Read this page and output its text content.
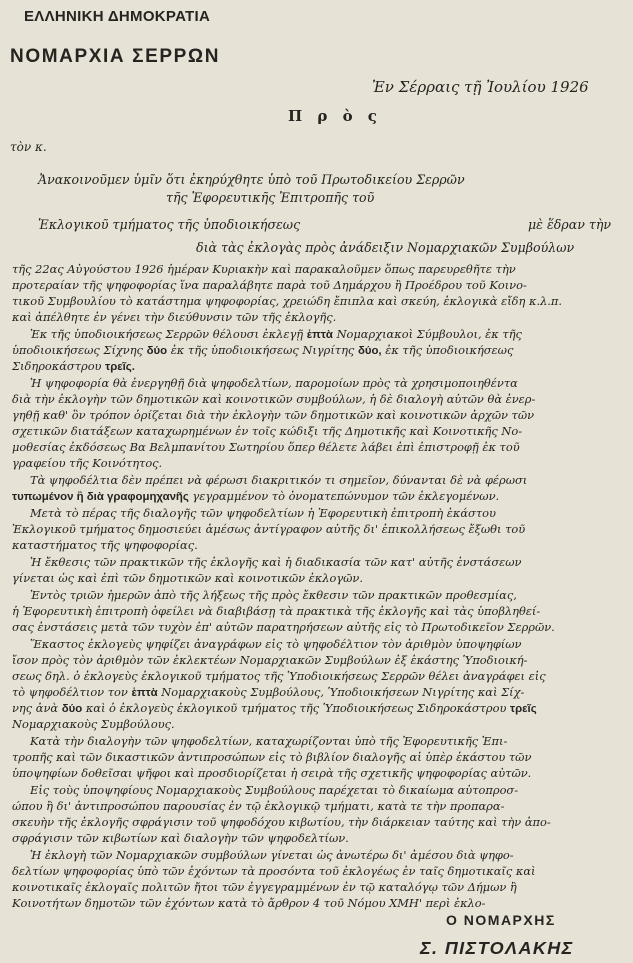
ΕΛΛΗΝΙΚΗ ΔΗΜΟΚΡΑΤΙΑ
ΝΟΜΑΡΧΙΑ ΣΕΡΡΩΝ
Ἐν Σέρραις τῇ Ἰουλίου 1926
Π ρ ὸ ς
τὸν κ.
Ἀνακοινοῦμεν ὑμῖν ὅτι ἐκηρύχθητε ὑπὸ τοῦ Πρωτοδικείου Σερρῶν
τῆς Ἐφορευτικῆς Ἐπιτροπῆς τοῦ
Ἐκλογικοῦ τμήματος τῆς ὑποδιοικήσεως	μὲ ἕδραν τὴν
διὰ τὰς ἐκλογὰς πρὸς ἀνάδειξιν Νομαρχιακῶν Συμβούλων
τῆς 22ας Αὐγούστου 1926 ἡμέραν Κυριακὴν καὶ παρακαλοῦμεν ὅπως παρευρεθῆτε τὴν
προτεραίαν τῆς ψηφοφορίας ἵνα παραλάβητε παρὰ τοῦ Δημάρχου ἢ Προέδρου τοῦ Κοινο-
τικοῦ Συμβουλίου τὸ κατάστημα ψηφοφορίας, χρειώδη ἔπιπλα καὶ σκεύη, ἐκλογικὰ εἴδη κ.λ.π.
καὶ ἀπέλθητε ἐν γένει τὴν διεύθυνσιν τῶν τῆς ἐκλογῆς.
Ἐκ τῆς ὑποδιοικήσεως Σερρῶν θέλουσι ἐκλεγῇ ἑπτὰ Νομαρχιακοὶ Σύμβουλοι, ἐκ τῆς
ὑποδιοικήσεως Σίχνης δύο ἐκ τῆς ὑποδιοικήσεως Νιγρίτης δύο, ἐκ τῆς ὑποδιοικήσεως
Σιδηροκάστρου τρεῖς.
Ἡ ψηφοφορία θὰ ἐνεργηθῇ διὰ ψηφοδελτίων, παρομοίων πρὸς τὰ χρησιμοποιηθέντα
διὰ τὴν ἐκλογὴν τῶν δημοτικῶν καὶ κοινοτικῶν συμβούλων, ἡ δὲ διαλογὴ αὐτῶν θὰ ἐνερ-
γηθῇ καθ' ὃν τρόπον ὁρίζεται διὰ τὴν ἐκλογὴν τῶν δημοτικῶν καὶ κοινοτικῶν ἀρχῶν τῶν
σχετικῶν διατάξεων καταχωρημένων ἐν τοῖς κώδιξι τῆς Δημοτικῆς καὶ Κοινοτικῆς Νο-
μοθεσίας ἐκδόσεως Βα Βελμπανίτου Σωτηρίου ὅπερ θέλετε λάβει ἐπὶ ἐπιστροφῇ ἐκ τοῦ
γραφείου τῆς Κοινότητος.
Τὰ ψηφοδέλτια δὲν πρέπει νὰ φέρωσι διακριτικόν τι σημεῖον, δύνανται δὲ νὰ φέρωσι
τυπωμένον ἢ διὰ γραφομηχανῆς γεγραμμένον τὸ ὀνοματεπώνυμον τῶν ἐκλεγομένων.
Μετὰ τὸ πέρας τῆς διαλογῆς τῶν ψηφοδελτίων ἡ Ἐφορευτικὴ ἐπιτροπὴ ἑκάστου
Ἐκλογικοῦ τμήματος δημοσιεύει ἀμέσως ἀντίγραφον αὐτῆς δι' ἐπικολλήσεως ἔξωθι τοῦ
καταστήματος τῆς ψηφοφορίας.
Ἡ ἔκθεσις τῶν πρακτικῶν τῆς ἐκλογῆς καὶ ἡ διαδικασία τῶν κατ' αὐτῆς ἐνστάσεων
γίνεται ὡς καὶ ἐπὶ τῶν δημοτικῶν καὶ κοινοτικῶν ἐκλογῶν.
Ἐντὸς τριῶν ἡμερῶν ἀπὸ τῆς λήξεως τῆς πρὸς ἔκθεσιν τῶν πρακτικῶν προθεσμίας,
ἡ Ἐφορευτικὴ ἐπιτροπὴ ὀφείλει νὰ διαβιβάσῃ τὰ πρακτικὰ τῆς ἐκλογῆς καὶ τὰς ὑποβληθεί-
σας ἐνστάσεις μετὰ τῶν τυχὸν ἐπ' αὐτῶν παρατηρήσεων αὐτῆς εἰς τὸ Πρωτοδικεῖον Σερρῶν.
Ἕκαστος ἐκλογεὺς ψηφίζει ἀναγράφων εἰς τὸ ψηφοδέλτιον τὸν ἀριθμὸν ὑποψηφίων
ἴσον πρὸς τὸν ἀριθμὸν τῶν ἐκλεκτέων Νομαρχιακῶν Συμβούλων ἐξ ἑκάστης Ὑποδιοική-
σεως δηλ. ὁ ἐκλογεὺς ἐκλογικοῦ τμήματος τῆς Ὑποδιοικήσεως Σερρῶν θέλει ἀναγράφει εἰς
τὸ ψηφοδέλτιον τον ἑπτὰ Νομαρχιακοὺς Συμβούλους, Ὑποδιοικήσεων Νιγρίτης καὶ Σίχ-
νης ἀνὰ δύο καὶ ὁ ἐκλογεὺς ἐκλογικοῦ τμήματος τῆς Ὑποδιοικήσεως Σιδηροκάστρου τρεῖς
Νομαρχιακοὺς Συμβούλους.
Κατὰ τὴν διαλογὴν τῶν ψηφοδελτίων, καταχωρίζονται ὑπὸ τῆς Ἐφορευτικῆς Ἐπι-
τροπῆς καὶ τῶν δικαστικῶν ἀντιπροσώπων εἰς τὸ βιβλίον διαλογῆς αἱ ὑπὲρ ἑκάστου τῶν
ὑποψηφίων δοθεῖσαι ψῆφοι καὶ προσδιορίζεται ἡ σειρὰ τῆς σχετικῆς ψηφοφορίας αὐτῶν.
Εἰς τοὺς ὑποψηφίους Νομαρχιακοὺς Συμβούλους παρέχεται τὸ δικαίωμα αὐτοπροσ-
ώπου ἢ δι' ἀντιπροσώπου παρουσίας ἐν τῷ ἐκλογικῷ τμήματι, κατὰ τε τὴν προπαρα-
σκευὴν τῆς ἐκλογῆς σφράγισιν τοῦ ψηφοδόχου κιβωτίου, τὴν διάρκειαν ταύτης καὶ τὴν ἀπο-
σφράγισιν τῶν κιβωτίων καὶ διαλογὴν τῶν ψηφοδελτίων.
Ἡ ἐκλογὴ τῶν Νομαρχιακῶν συμβούλων γίνεται ὡς ἀνωτέρω δι' ἀμέσου διὰ ψηφο-
δελτίων ψηφοφορίας ὑπὸ τῶν ἐχόντων τὰ προσόντα τοῦ ἐκλογέως ἐν ταῖς δημοτικαῖς καὶ
κοινοτικαῖς ἐκλογαῖς πολιτῶν ἤτοι τῶν ἐγγεγραμμένων ἐν τῷ καταλόγῳ τῶν Δήμων ἢ
Κοινοτήτων δημοτῶν τῶν ἐχόντων κατὰ τὸ ἄρθρον 4 τοῦ Νόμου ΧΜΗ' περὶ ἐκλο-
Ο ΝΟΜΑΡΧΗΣ
Σ. ΠΙΣΤΟΛΑΚΗΣ
